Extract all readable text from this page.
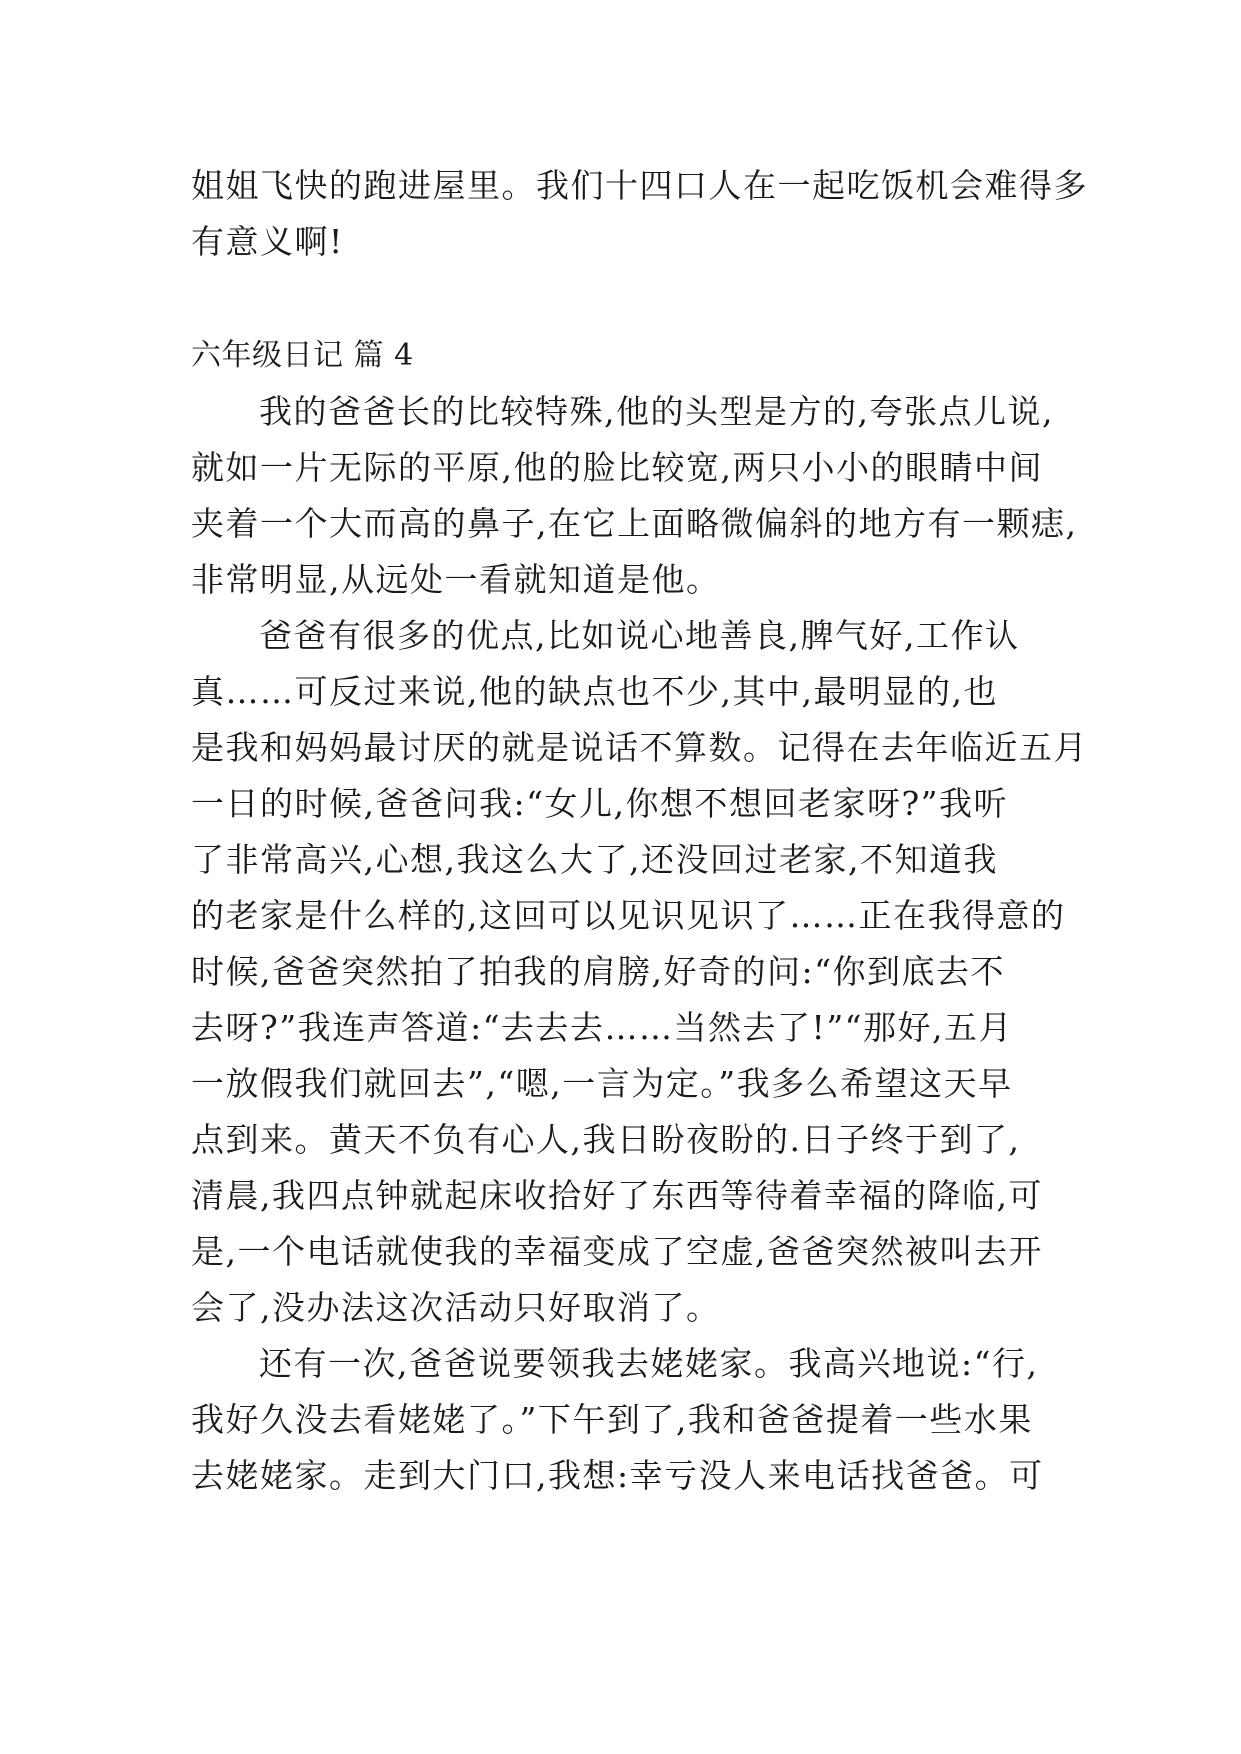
姐姐飞快的跑进屋里。我们十四口人在一起吃饭机会难得多
有意义啊!
六年级日记 篇 4
我的爸爸长的比较特殊,他的头型是方的,夸张点儿说,
就如一片无际的平原,他的脸比较宽,两只小小的眼睛中间
夹着一个大而高的鼻子,在它上面略微偏斜的地方有一颗痣,
非常明显,从远处一看就知道是他。
爸爸有很多的优点,比如说心地善良,脾气好,工作认
真……可反过来说,他的缺点也不少,其中,最明显的,也
是我和妈妈最讨厌的就是说话不算数。记得在去年临近五月
一日的时候,爸爸问我:“女儿,你想不想回老家呀?”我听
了非常高兴,心想,我这么大了,还没回过老家,不知道我
的老家是什么样的,这回可以见识见识了……正在我得意的
时候,爸爸突然拍了拍我的肩膀,好奇的问:“你到底去不
去呀?”我连声答道:“去去去……当然去了!”“那好,五月
一放假我们就回去”,“嗯,一言为定。”我多么希望这天早
点到来。黄天不负有心人,我日盼夜盼的.日子终于到了,
清晨,我四点钟就起床收拾好了东西等待着幸福的降临,可
是,一个电话就使我的幸福变成了空虚,爸爸突然被叫去开
会了,没办法这次活动只好取消了。
还有一次,爸爸说要领我去姥姥家。我高兴地说:“行,
我好久没去看姥姥了。”下午到了,我和爸爸提着一些水果
去姥姥家。走到大门口,我想:幸亏没人来电话找爸爸。可
